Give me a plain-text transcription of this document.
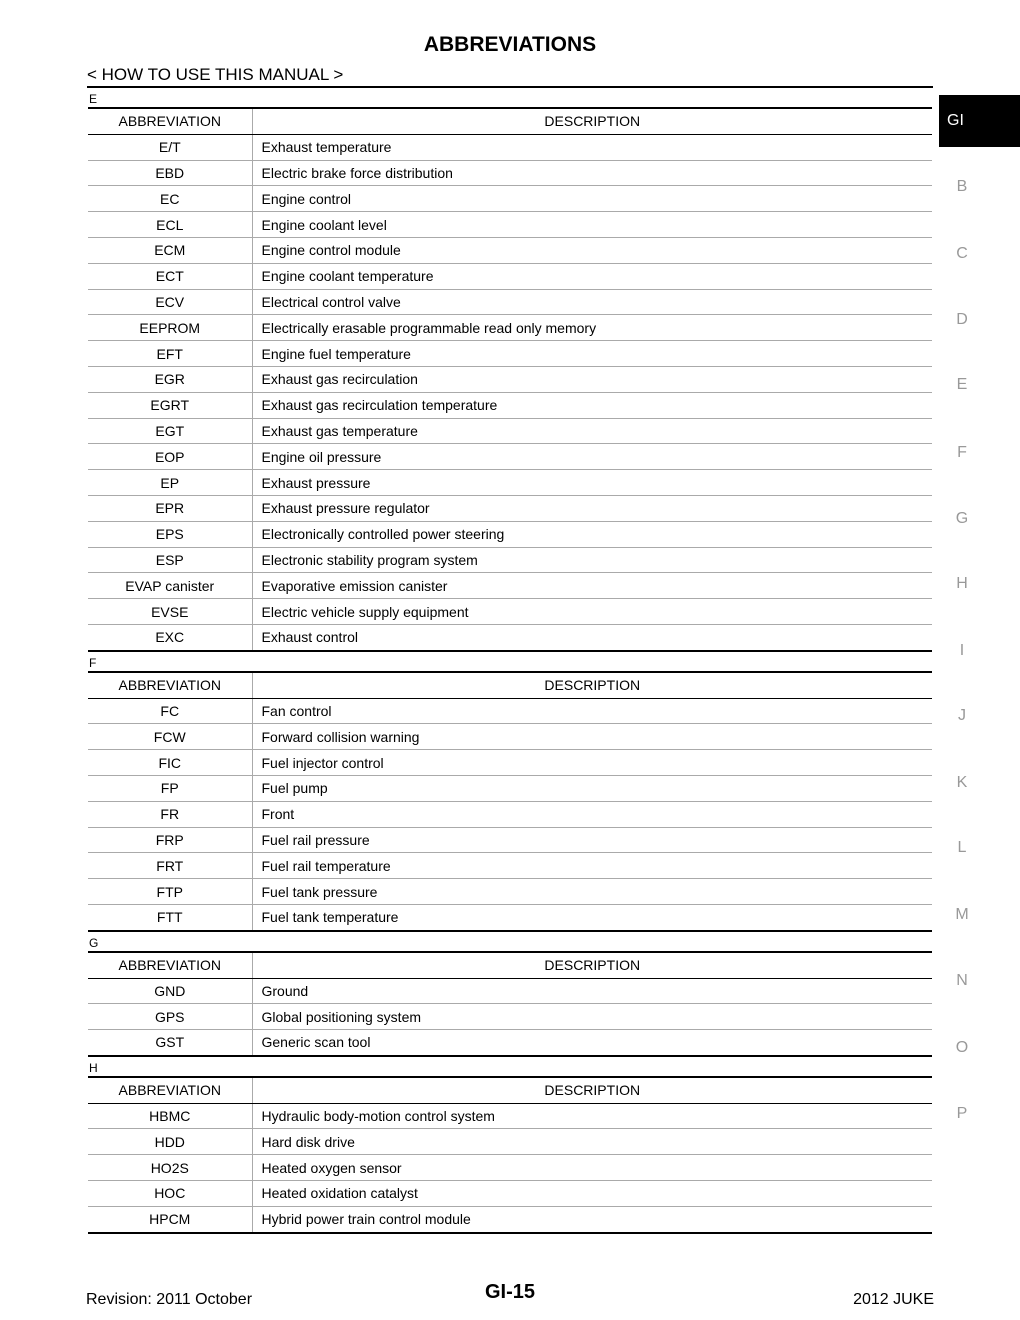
ABBREVIATIONS
< HOW TO USE THIS MANUAL >
E
ABBREVIATION	DESCRIPTION
E/T	Exhaust temperature
EBD	Electric brake force distribution
EC	Engine control
ECL	Engine coolant level
ECM	Engine control module
ECT	Engine coolant temperature
ECV	Electrical control valve
EEPROM	Electrically erasable programmable read only memory
EFT	Engine fuel temperature
EGR	Exhaust gas recirculation
EGRT	Exhaust gas recirculation temperature
EGT	Exhaust gas temperature
EOP	Engine oil pressure
EP	Exhaust pressure
EPR	Exhaust pressure regulator
EPS	Electronically controlled power steering
ESP	Electronic stability program system
EVAP canister	Evaporative emission canister
EVSE	Electric vehicle supply equipment
EXC	Exhaust control
F
ABBREVIATION	DESCRIPTION
FC	Fan control
FCW	Forward collision warning
FIC	Fuel injector control
FP	Fuel pump
FR	Front
FRP	Fuel rail pressure
FRT	Fuel rail temperature
FTP	Fuel tank pressure
FTT	Fuel tank temperature
G
ABBREVIATION	DESCRIPTION
GND	Ground
GPS	Global positioning system
GST	Generic scan tool
H
ABBREVIATION	DESCRIPTION
HBMC	Hydraulic body-motion control system
HDD	Hard disk drive
HO2S	Heated oxygen sensor
HOC	Heated oxidation catalyst
HPCM	Hybrid power train control module
GI
B
C
D
E
F
G
H
I
J
K
L
M
N
O
P
Revision: 2011 October	GI-15	2012 JUKE
